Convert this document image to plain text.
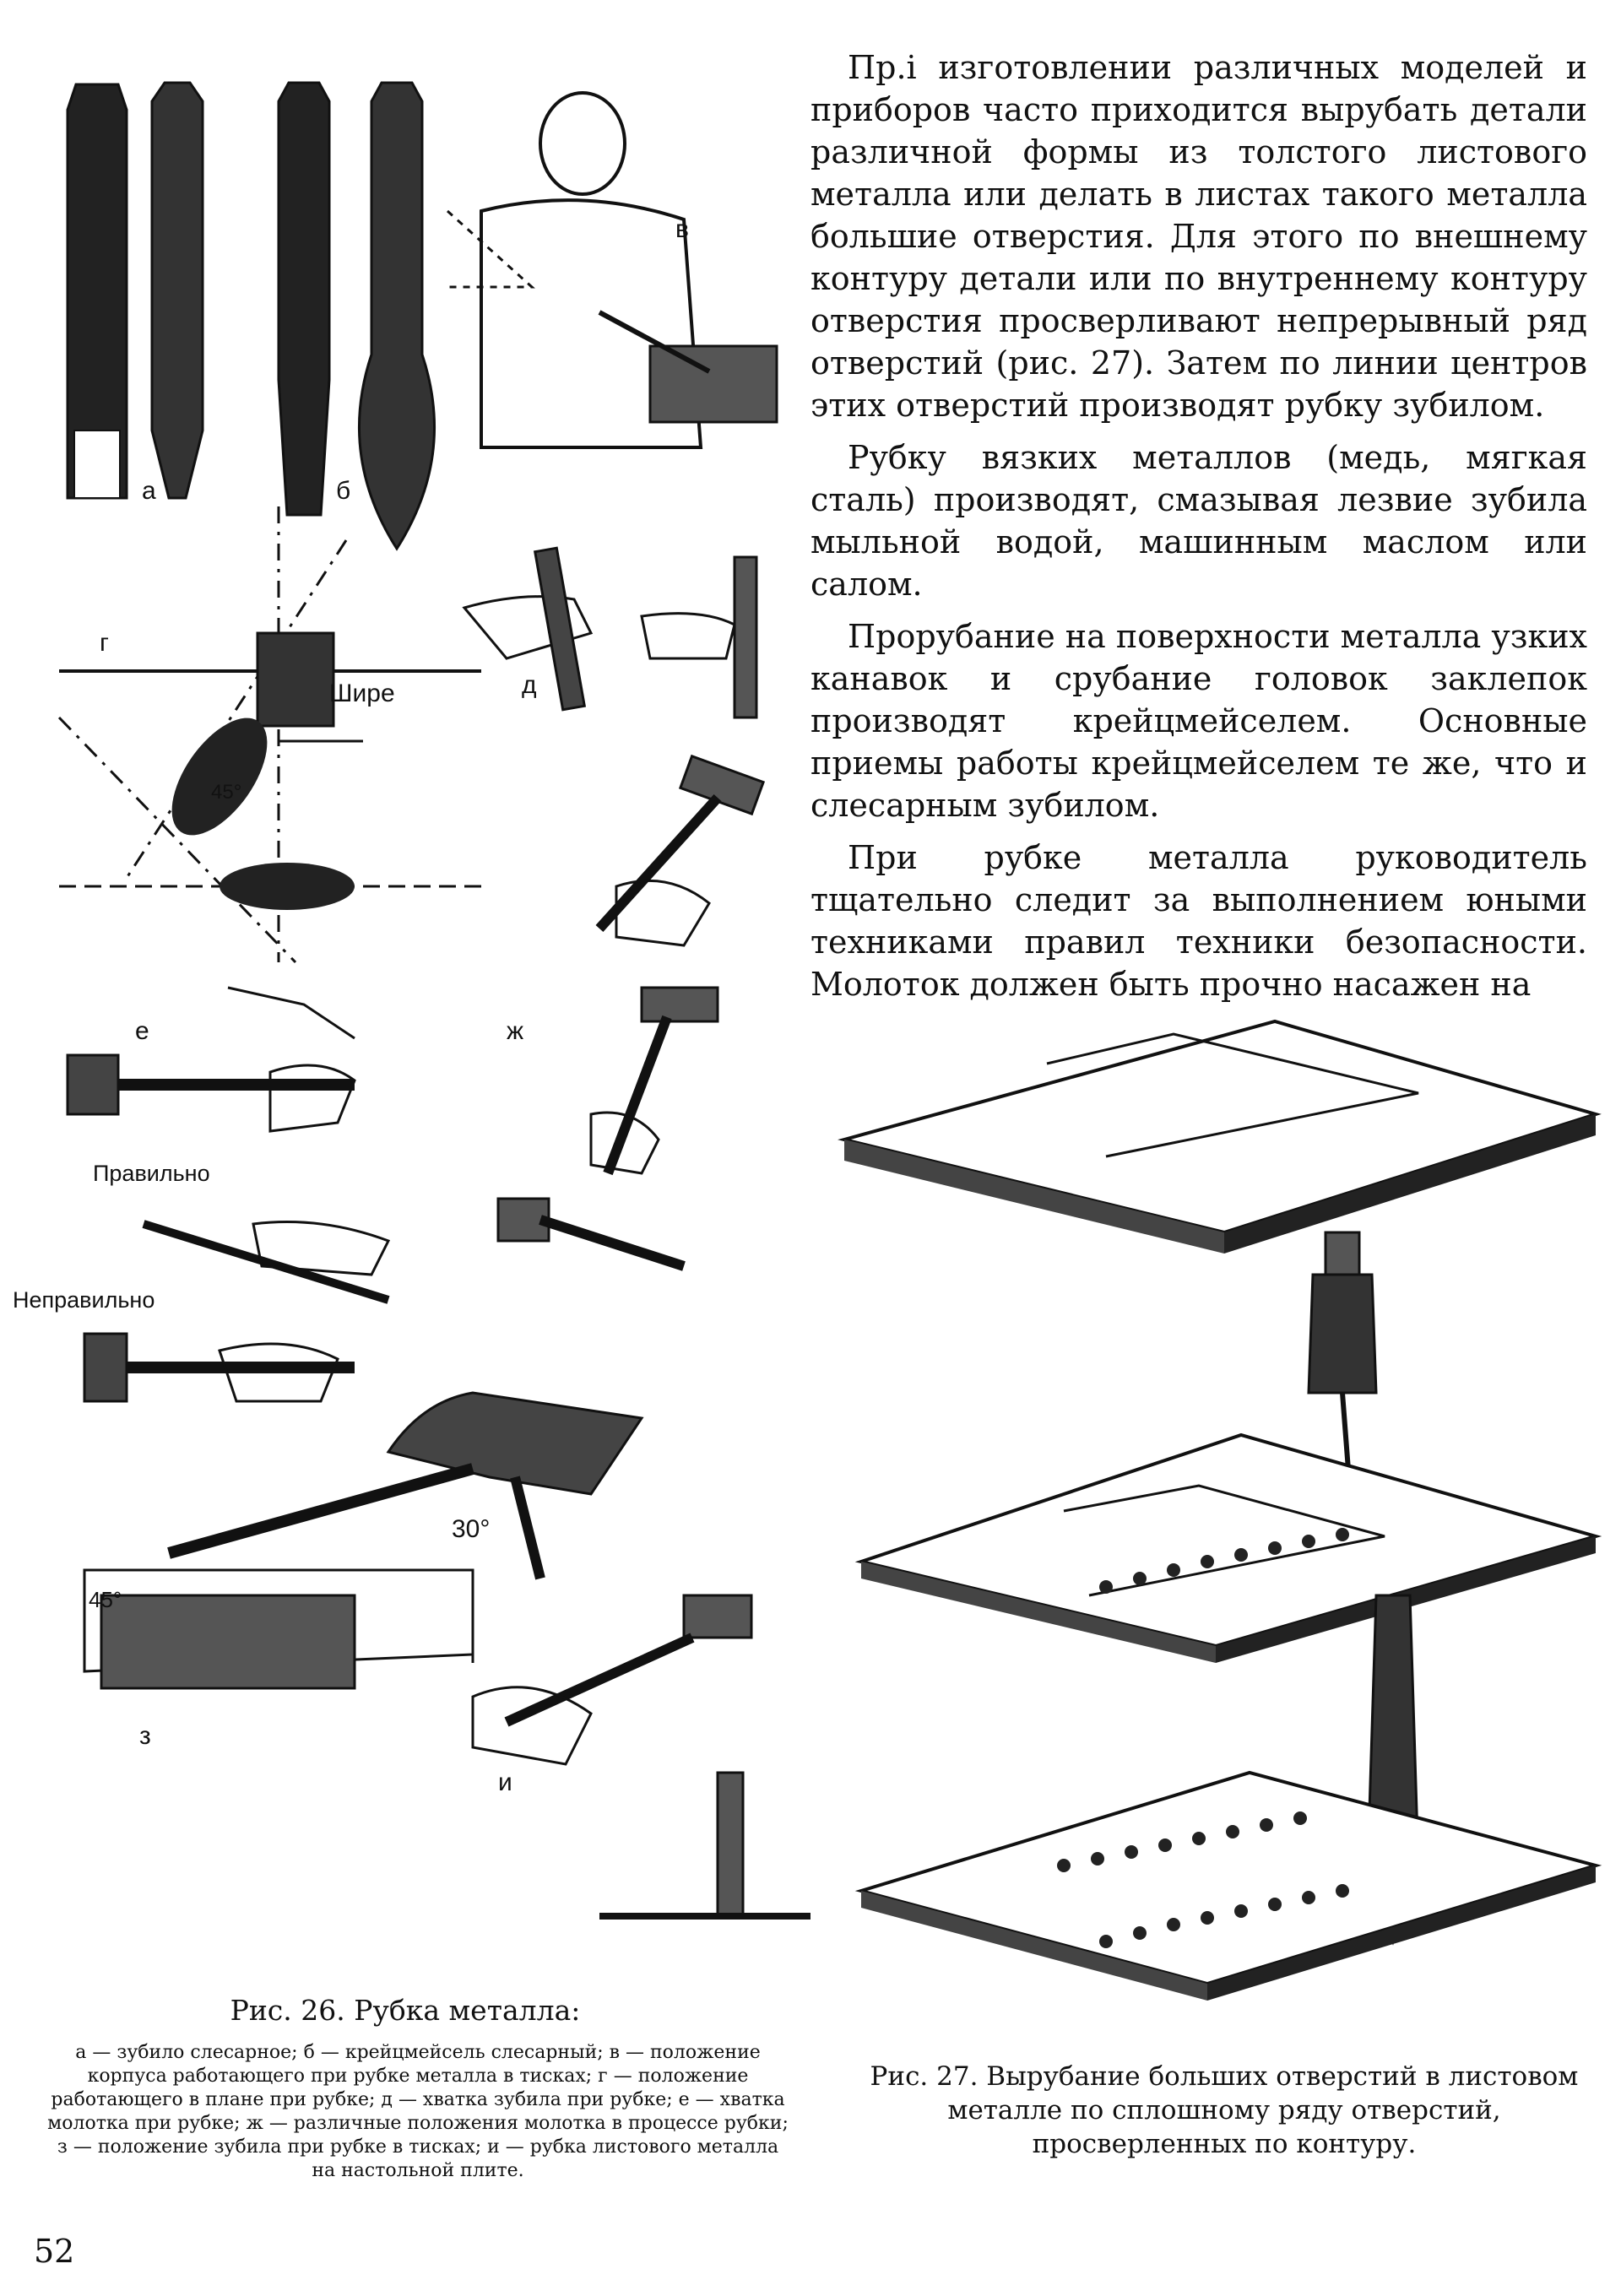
а	б
в
г
Шире
45°
д
е
Правильно
ж
Неправильно
30°
45°
з
и
Рис. 26. Рубка металла:
а — зубило слесарное; б — крейцмейсель слесарный; в — положение корпуса работающего при рубке металла в тисках; г — положение работающего в плане при рубке; д — хватка зубила при рубке; е — хватка молотка при рубке; ж — различные положения молотка в процессе рубки; з — положение зубила при рубке в тисках; и — рубка листового металла на настольной плите.

Пр.і изготовлении различных моделей и приборов часто приходится вырубать детали различной формы из толстого листового металла или делать в листах такого металла большие отверстия. Для этого по внешнему контуру детали или по внутреннему контуру отверстия просверливают непрерывный ряд отверстий (рис. 27). Затем по линии центров этих отверстий производят рубку зубилом.

Рубку вязких металлов (медь, мягкая сталь) производят, смазывая лезвие зубила мыльной водой, машинным маслом или салом.

Прорубание на поверхности металла узких канавок и срубание головок заклепок производят крейцмейселем. Основные приемы работы крейцмейселем те же, что и слесарным зубилом.

При рубке металла руководитель тщательно следит за выполнением юными техниками правил техники безопасности. Молоток должен быть прочно насажен на

Рис. 27. Вырубание больших отверстий в листовом металле по сплошному ряду отверстий, просверленных по контуру.
52
